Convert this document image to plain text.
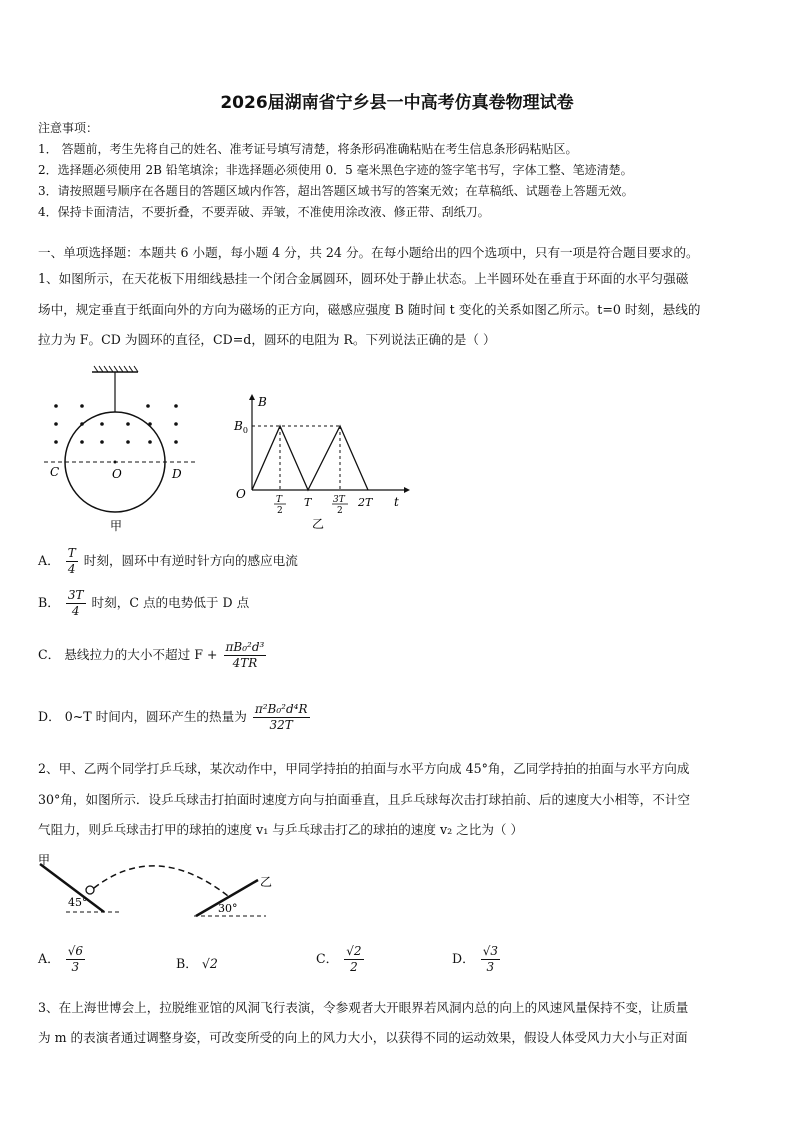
2026届湖南省宁乡县一中高考仿真卷物理试卷
注意事项：
1． 答题前，考生先将自己的姓名、准考证号填写清楚，将条形码准确粘贴在考生信息条形码粘贴区。
2．选择题必须使用 2B 铅笔填涂；非选择题必须使用 0．5 毫米黑色字迹的签字笔书写，字体工整、笔迹清楚。
3．请按照题号顺序在各题目的答题区域内作答，超出答题区域书写的答案无效；在草稿纸、试题卷上答题无效。
4．保持卡面清洁，不要折叠，不要弄破、弄皱，不准使用涂改液、修正带、刮纸刀。
一、单项选择题：本题共 6 小题，每小题 4 分，共 24 分。在每小题给出的四个选项中，只有一项是符合题目要求的。
1、如图所示，在天花板下用细线悬挂一个闭合金属圆环，圆环处于静止状态。上半圆环处在垂直于环面的水平匀强磁
场中，规定垂直于纸面向外的方向为磁场的正方向，磁感应强度 B 随时间 t 变化的关系如图乙所示。t=0 时刻，悬线的
拉力为 F。CD 为圆环的直径，CD=d，圆环的电阻为 R。下列说法正确的是（ ）
C	O	D
甲
B
t
O
$B_0$
T
2
T 3T
2
2T
乙
A． $\frac{T}{4}$ 时刻，圆环中有逆时针方向的感应电流
B． $\frac{3T}{4}$ 时刻，C 点的电势低于 D 点
C． 悬线拉力的大小不超过 $F + \frac{\text{πB₀²d³}}{4TR}$
D． 0~T 时间内，圆环产生的热量为 $\frac{\text{π²B₀²d⁴R}}{32T}$
2、甲、乙两个同学打乒乓球，某次动作中，甲同学持拍的拍面与水平方向成 45°角，乙同学持拍的拍面与水平方向成
30°角，如图所示．设乒乓球击打拍面时速度方向与拍面垂直，且乒乓球每次击打球拍前、后的速度大小相等，不计空
气阻力，则乒乓球击打甲的球拍的速度 v₁ 与乒乓球击打乙的球拍的速度 v₂ 之比为（ ）
甲
乙
45°	30°
A． $\frac{√6}{3}$	B． √2	C． $\frac{√2}{2}$	D． $\frac{√3}{3}$
3、在上海世博会上，拉脱维亚馆的风洞飞行表演，令参观者大开眼界若风洞内总的向上的风速风量保持不变，让质量
为 m 的表演者通过调整身姿，可改变所受的向上的风力大小，以获得不同的运动效果，假设人体受风力大小与正对面
